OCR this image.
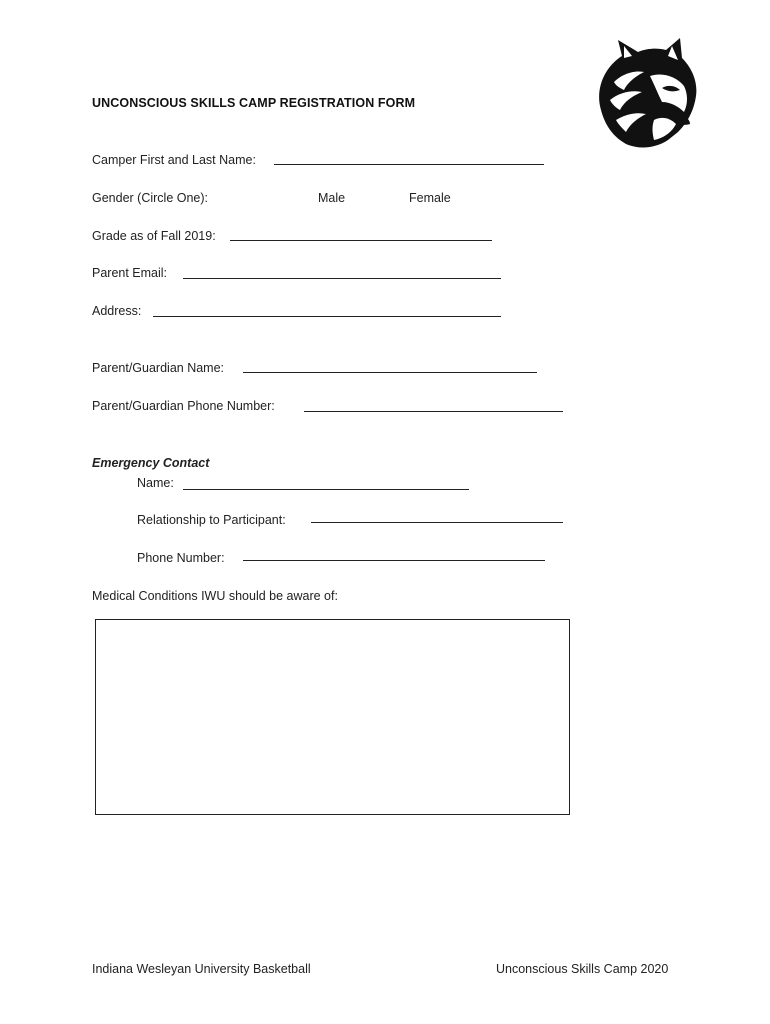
UNCONSCIOUS SKILLS CAMP REGISTRATION FORM
Camper First and Last Name:
Gender (Circle One):	Male	Female
Grade as of Fall 2019:
Parent Email:
Address:
Parent/Guardian Name:
Parent/Guardian Phone Number:
Emergency Contact
Name:
Relationship to Participant:
Phone Number:
Medical Conditions IWU should be aware of:
Indiana Wesleyan University Basketball	Unconscious Skills Camp 2020
